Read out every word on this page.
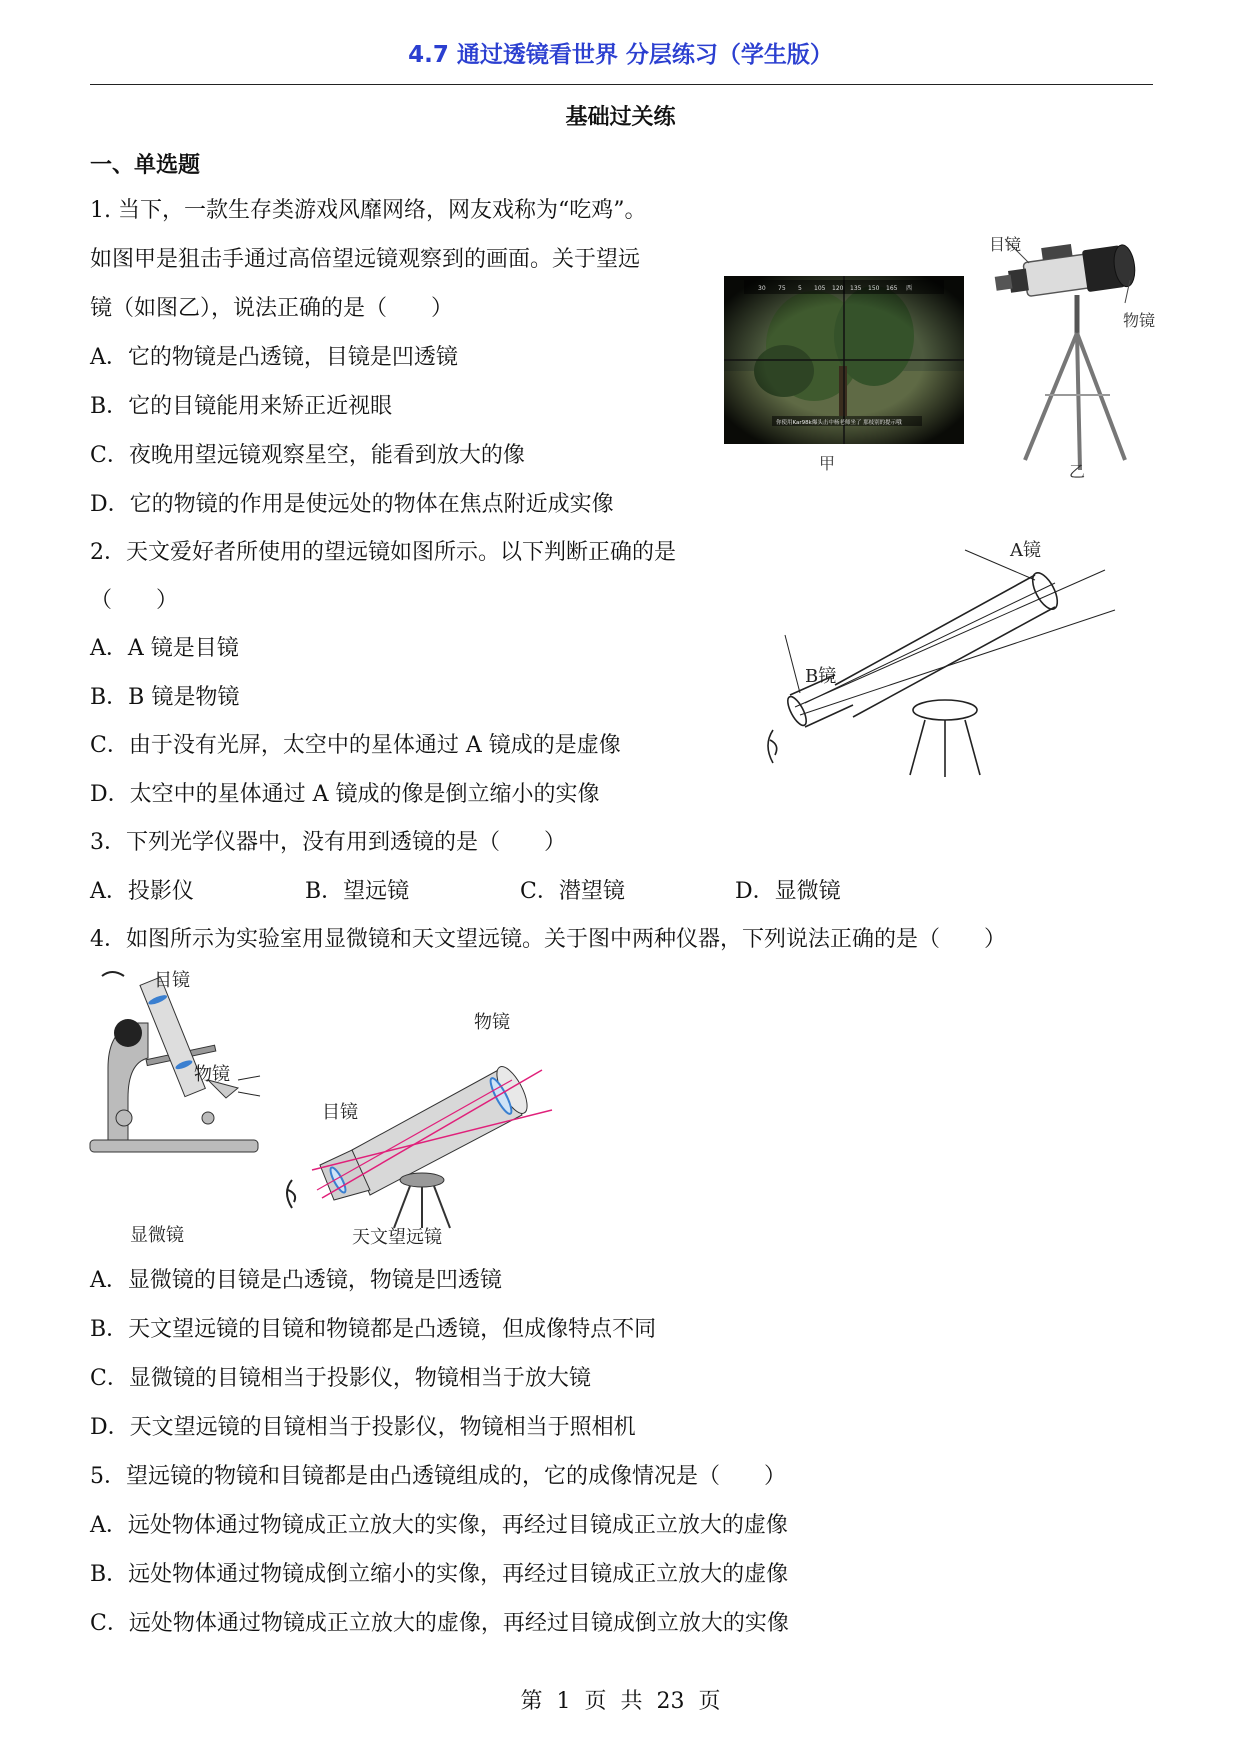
4.7 通过透镜看世界 分层练习（学生版）
基础过关练
一、单选题
1. 当下，一款生存类游戏风靡网络，网友戏称为“吃鸡”。
如图甲是狙击手通过高倍望远镜观察到的画面。关于望远
镜（如图乙），说法正确的是（　　）
A．它的物镜是凸透镜，目镜是凹透镜
B．它的目镜能用来矫正近视眼
C．夜晚用望远镜观察星空，能看到放大的像
D．它的物镜的作用是使远处的物体在焦点附近成实像
30 75 5 105 120 135 150 165 西
你使用Kar98k爆头击中杨老师坐了 那枝别的提示哦
甲
目镜
物镜
乙
2．天文爱好者所使用的望远镜如图所示。以下判断正确的是
（　　）
A．A 镜是目镜
B．B 镜是物镜
C．由于没有光屏，太空中的星体通过 A 镜成的是虚像
D．太空中的星体通过 A 镜成的像是倒立缩小的实像
A镜
B镜
3．下列光学仪器中，没有用到透镜的是（　　）
A．投影仪	B．望远镜	C．潜望镜	D．显微镜
4．如图所示为实验室用显微镜和天文望远镜。关于图中两种仪器，下列说法正确的是（　　）
目镜
物镜
显微镜
物镜
目镜
天文望远镜
A．显微镜的目镜是凸透镜，物镜是凹透镜
B．天文望远镜的目镜和物镜都是凸透镜，但成像特点不同
C．显微镜的目镜相当于投影仪，物镜相当于放大镜
D．天文望远镜的目镜相当于投影仪，物镜相当于照相机
5．望远镜的物镜和目镜都是由凸透镜组成的，它的成像情况是（　　）
A．远处物体通过物镜成正立放大的实像，再经过目镜成正立放大的虚像
B．远处物体通过物镜成倒立缩小的实像，再经过目镜成正立放大的虚像
C．远处物体通过物镜成正立放大的虚像，再经过目镜成倒立放大的实像
第  1  页  共  23  页
